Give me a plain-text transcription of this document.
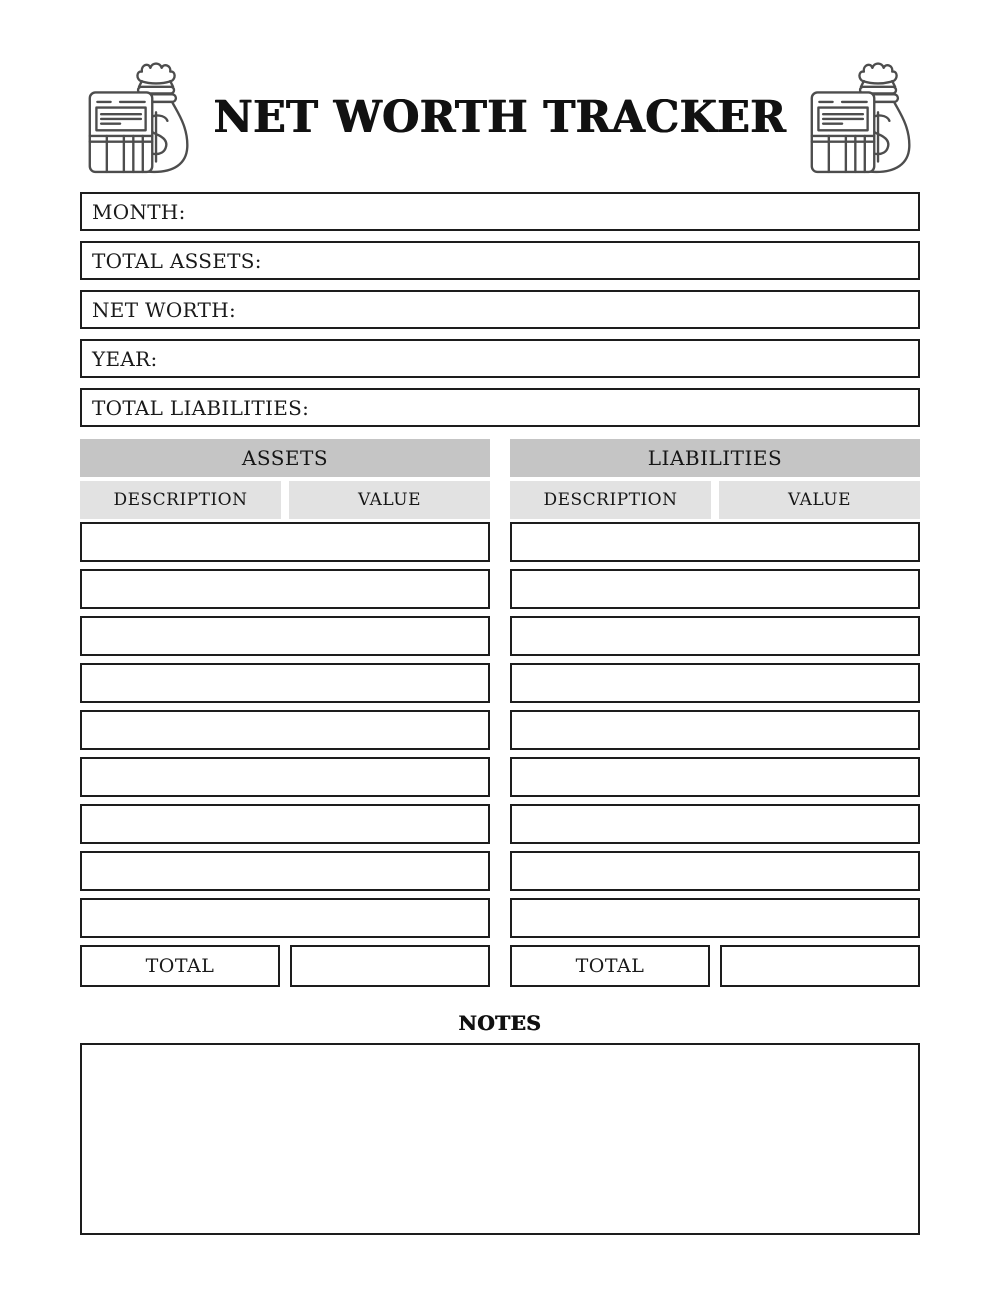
NET WORTH TRACKER
MONTH:
TOTAL ASSETS:
NET WORTH:
YEAR:
TOTAL LIABILITIES:
ASSETS
DESCRIPTION	VALUE
TOTAL
LIABILITIES
DESCRIPTION	VALUE
TOTAL
NOTES
